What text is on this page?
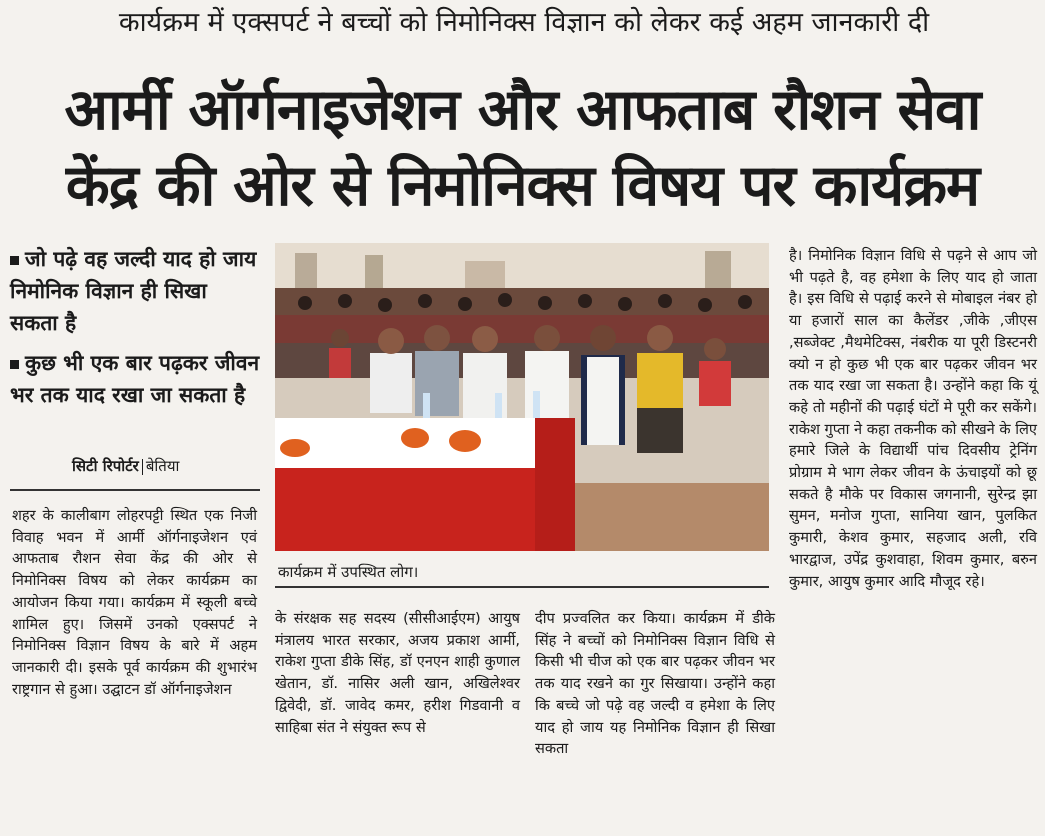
कार्यक्रम में एक्सपर्ट ने बच्चों को निमोनिक्स विज्ञान को लेकर कई अहम जानकारी दी
आर्मी ऑर्गनाइजेशन और आफताब रौशन सेवा
केंद्र की ओर से निमोनिक्स विषय पर कार्यक्रम
जो पढ़े वह जल्दी याद हो जाय निमोनिक विज्ञान ही सिखा सकता है
कुछ भी एक बार पढ़कर जीवन भर तक याद रखा जा सकता है
सिटी रिपोर्टर बेतिया
शहर के कालीबाग लोहरपट्टी स्थित एक निजी विवाह भवन में आर्मी ऑर्गनाइजेशन एवं आफताब रौशन सेवा केंद्र की ओर से निमोनिक्स विषय को लेकर कार्यक्रम का आयोजन किया गया। कार्यक्रम में स्कूली बच्चे शामिल हुए। जिसमें उनको एक्सपर्ट ने निमोनिक्स विज्ञान विषय के बारे में अहम जानकारी दी। इसके पूर्व कार्यक्रम की शुभारंभ राष्ट्रगान से हुआ। उद्घाटन डॉ ऑर्गनाइजेशन
कार्यक्रम में उपस्थित लोग।
के संरक्षक सह सदस्य (सीसीआईएम) आयुष मंत्रालय भारत सरकार, अजय प्रकाश आर्मी, राकेश गुप्ता डीके सिंह, डॉ एनएन शाही कुणाल खेतान, डॉ. नासिर अली खान, अखिलेश्वर द्विवेदी, डॉ. जावेद कमर, हरीश गिडवानी व साहिबा संत ने संयुक्त रूप से
दीप प्रज्वलित कर किया। कार्यक्रम में डीके सिंह ने बच्चों को निमोनिक्स विज्ञान विधि से किसी भी चीज को एक बार पढ़कर जीवन भर तक याद रखने का गुर सिखाया। उन्होंने कहा कि बच्चे जो पढ़े वह जल्दी व हमेशा के लिए याद हो जाय यह निमोनिक विज्ञान ही सिखा सकता
है। निमोनिक विज्ञान विधि से पढ़ने से आप जो भी पढ़ते है, वह हमेशा के लिए याद हो जाता है। इस विधि से पढ़ाई करने से मोबाइल नंबर हो या हजारों साल का कैलेंडर ,जीके ,जीएस ,सब्जेक्ट ,मैथमेटिक्स, नंबरीक या पूरी डिस्टनरी क्यो न हो कुछ भी एक बार पढ़कर जीवन भर तक याद रखा जा सकता है। उन्होंने कहा कि यूं कहे तो महीनों की पढ़ाई घंटों मे पूरी कर सकेंगे। राकेश गुप्ता ने कहा तकनीक को सीखने के लिए हमारे जिले के विद्यार्थी पांच दिवसीय ट्रेनिंग प्रोग्राम मे भाग लेकर जीवन के ऊंचाइयों को छू सकते है मौके पर विकास जगनानी, सुरेन्द्र झा सुमन, मनोज गुप्ता, सानिया खान, पुलकित कुमारी, केशव कुमार, सहजाद अली, रवि भारद्वाज, उपेंद्र कुशवाहा, शिवम कुमार, बरुन कुमार, आयुष कुमार आदि मौजूद रहे।
